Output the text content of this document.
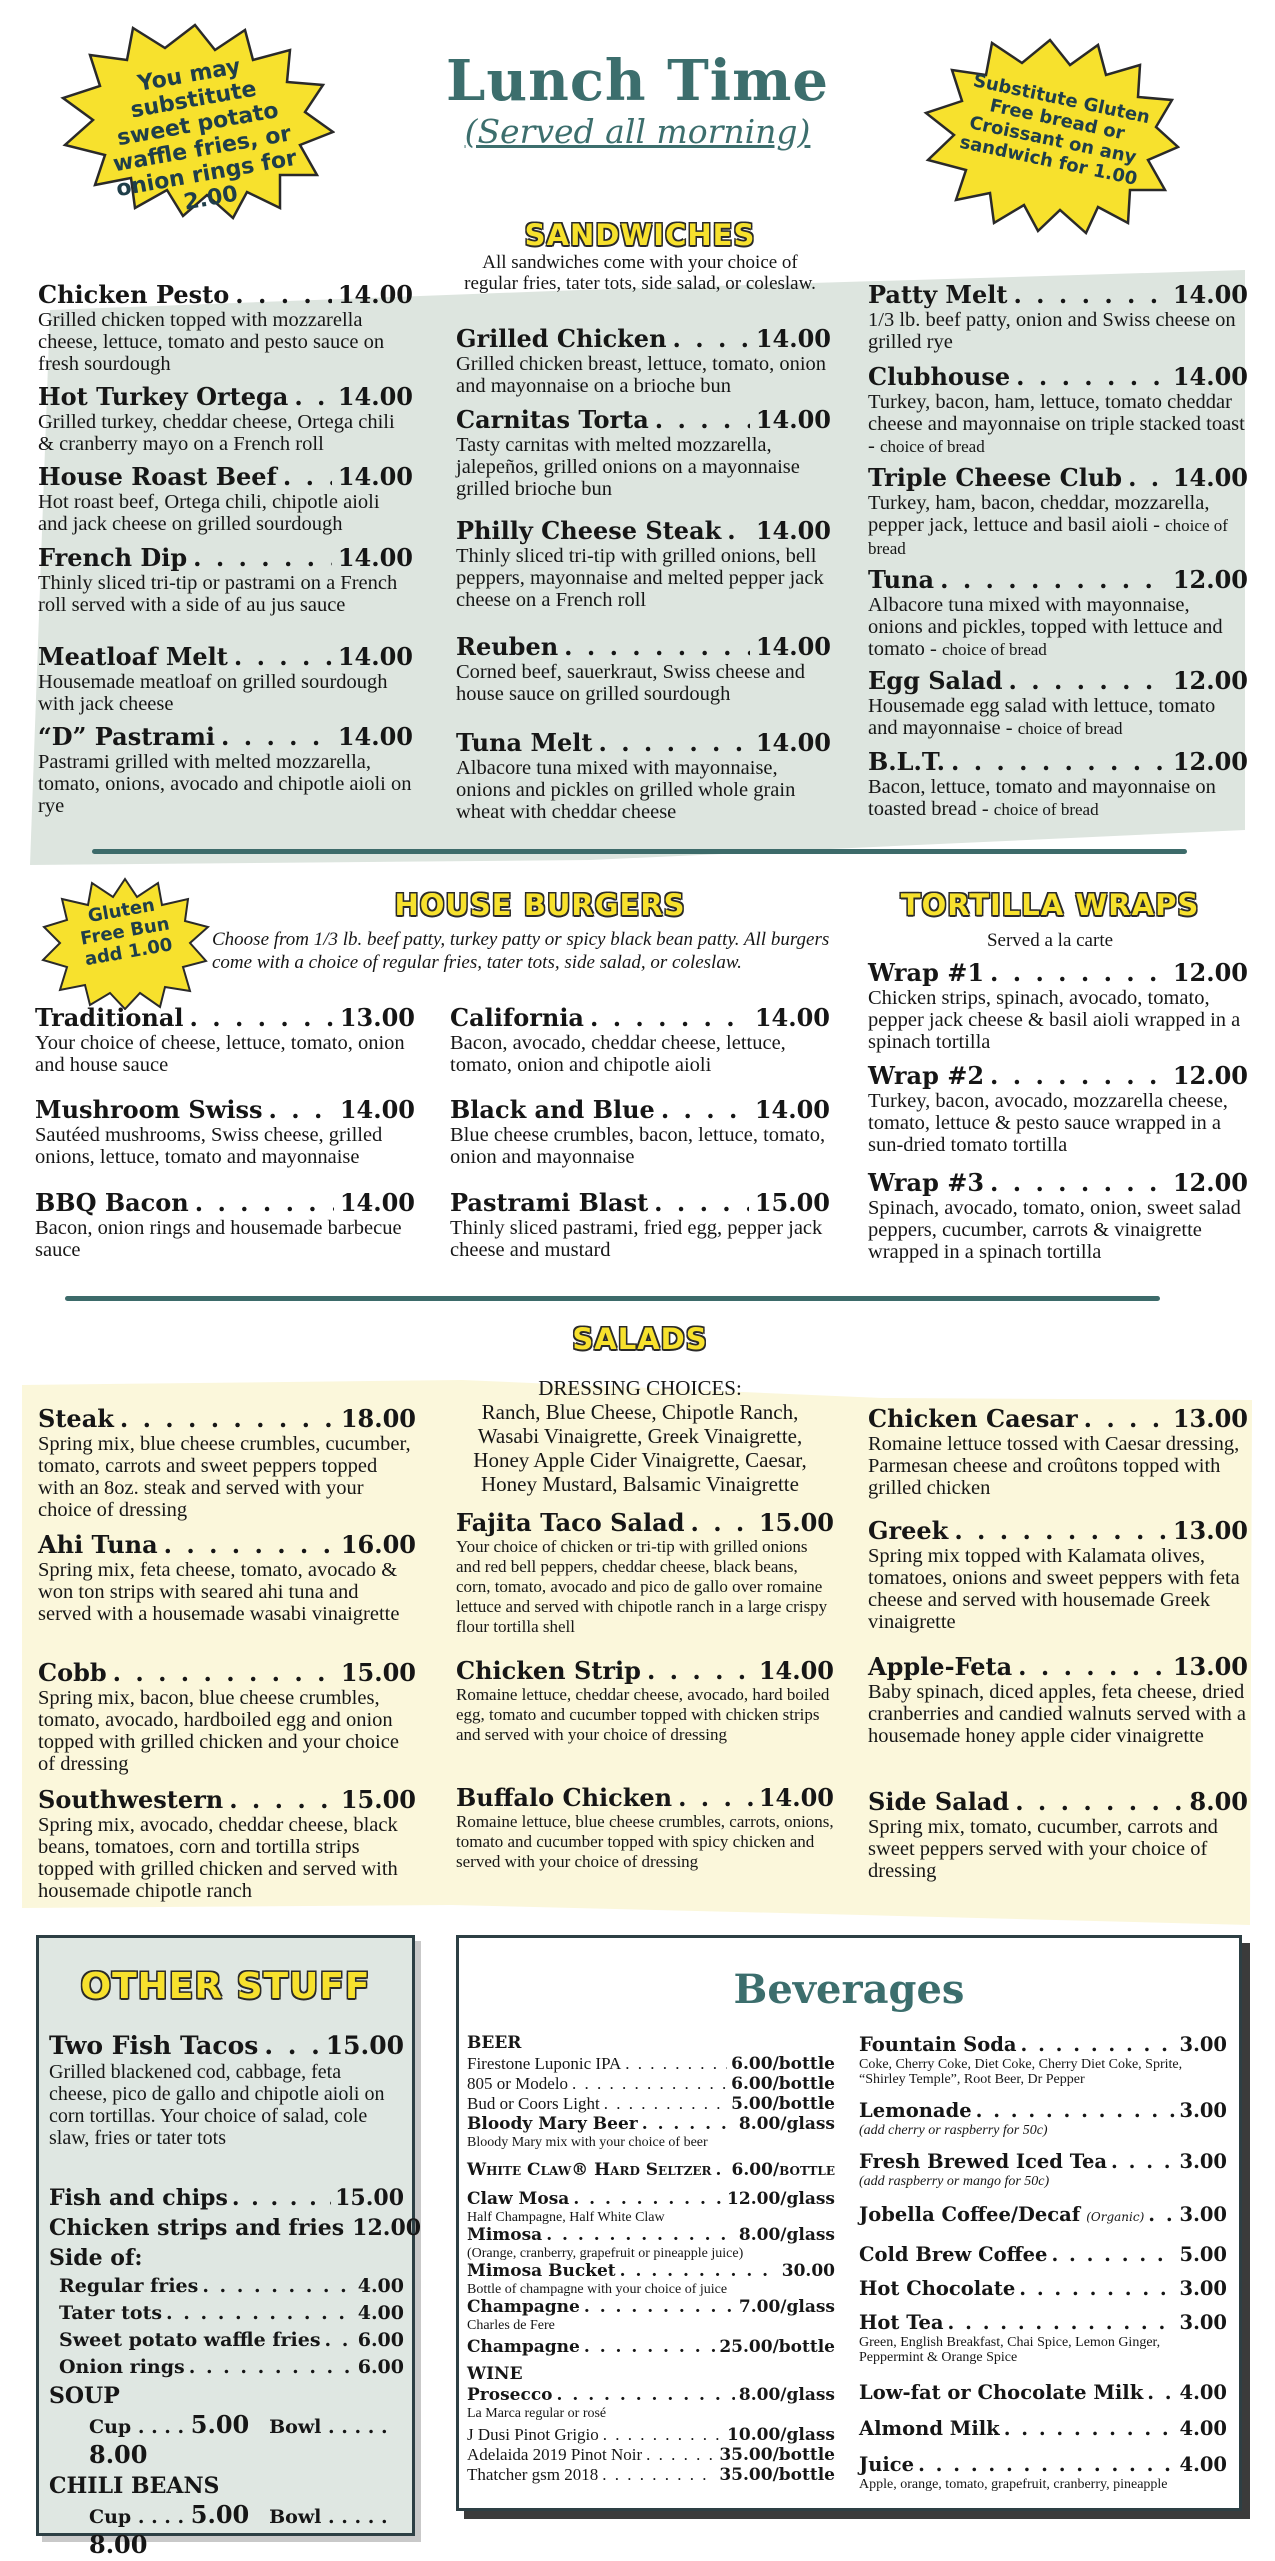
You may substitute sweet potato waffle fries, or onion rings for 2.00
Substitute Gluten Free bread or Croissant on any sandwich for 1.00
Lunch Time
(Served all morning)
SANDWICHES
All sandwiches come with your choice of regular fries, tater tots, side salad, or coleslaw.
Chicken Pesto . . .	14.00
Grilled chicken topped with mozzarella cheese, lettuce, tomato and pesto sauce on fresh sourdough
Hot Turkey Ortega . . . 14.00
Grilled turkey, cheddar cheese, Ortega chili & cranberry mayo on a French roll
House Roast Beef . . .	14.00
Hot roast beef, Ortega chili, chipotle aioli and jack cheese on grilled sourdough
French Dip . . .	14.00
Thinly sliced tri-tip or pastrami on a French roll served with a side of au jus sauce
Meatloaf Melt . . .	14.00
Housemade meatloaf on grilled sourdough with jack cheese
“D” Pastrami . . .	14.00
Pastrami grilled with melted mozzarella, tomato, onions, avocado and chipotle aioli on rye
Grilled Chicken . . .	14.00
Grilled chicken breast, lettuce, tomato, onion and mayonnaise on a brioche bun
Carnitas Torta . . .	14.00
Tasty carnitas with melted mozzarella, jalepeños, grilled onions on a mayonnaise grilled brioche bun
Philly Cheese Steak . . . 14.00
Thinly sliced tri-tip with grilled onions, bell peppers, mayonnaise and melted pepper jack cheese on a French roll
Reuben . . .	14.00
Corned beef, sauerkraut, Swiss cheese and house sauce on grilled sourdough
Tuna Melt . . .	14.00
Albacore tuna mixed with mayonnaise, onions and pickles on grilled whole grain wheat with cheddar cheese
Patty Melt . . .	14.00
1/3 lb. beef patty, onion and Swiss cheese on grilled rye
Clubhouse . . .	14.00
Turkey, bacon, ham, lettuce, tomato cheddar cheese and mayonnaise on triple stacked toast - choice of bread
Triple Cheese Club . . . 14.00
Turkey, ham, bacon, cheddar, mozzarella, pepper jack, lettuce and basil aioli - choice of bread
Tuna . . .	12.00
Albacore tuna mixed with mayonnaise, onions and pickles, topped with lettuce and tomato - choice of bread
Egg Salad . . .	12.00
Housemade egg salad with lettuce, tomato and mayonnaise - choice of bread
B.L.T. . . .	12.00
Bacon, lettuce, tomato and mayonnaise on toasted bread - choice of bread
Gluten Free Bun add 1.00
HOUSE BURGERS
Choose from 1/3 lb. beef patty, turkey patty or spicy black bean patty. All burgers come with a choice of regular fries, tater tots, side salad, or coleslaw.
Traditional . . .	13.00
Your choice of cheese, lettuce, tomato, onion and house sauce
Mushroom Swiss . . .	14.00
Sautéed mushrooms, Swiss cheese, grilled onions, lettuce, tomato and mayonnaise
BBQ Bacon . . .	14.00
Bacon, onion rings and housemade barbecue sauce
California . . .	14.00
Bacon, avocado, cheddar cheese, lettuce, tomato, onion and chipotle aioli
Black and Blue . . .	14.00
Blue cheese crumbles, bacon, lettuce, tomato, onion and mayonnaise
Pastrami Blast . . .	15.00
Thinly sliced pastrami, fried egg, pepper jack cheese and mustard
TORTILLA WRAPS
Served a la carte
Wrap #1 . . .	12.00
Chicken strips, spinach, avocado, tomato, pepper jack cheese & basil aioli wrapped in a spinach tortilla
Wrap #2 . . .	12.00
Turkey, bacon, avocado, mozzarella cheese, tomato, lettuce & pesto sauce wrapped in a sun-dried tomato tortilla
Wrap #3 . . .	12.00
Spinach, avocado, tomato, onion, sweet salad peppers, cucumber, carrots & vinaigrette wrapped in a spinach tortilla
SALADS
DRESSING CHOICES:
Ranch, Blue Cheese, Chipotle Ranch, Wasabi Vinaigrette, Greek Vinaigrette, Honey Apple Cider Vinaigrette, Caesar, Honey Mustard, Balsamic Vinaigrette
Steak . . .	18.00
Spring mix, blue cheese crumbles, cucumber, tomato, carrots and sweet peppers topped with an 8oz. steak and served with your choice of dressing
Ahi Tuna . . .	16.00
Spring mix, feta cheese, tomato, avocado & won ton strips with seared ahi tuna and served with a housemade wasabi vinaigrette
Cobb . . .	15.00
Spring mix, bacon, blue cheese crumbles, tomato, avocado, hardboiled egg and onion topped with grilled chicken and your choice of dressing
Southwestern . . .	15.00
Spring mix, avocado, cheddar cheese, black beans, tomatoes, corn and tortilla strips topped with grilled chicken and served with housemade chipotle ranch
Fajita Taco Salad . . .	15.00
Your choice of chicken or tri-tip with grilled onions and red bell peppers, cheddar cheese, black beans, corn, tomato, avocado and pico de gallo over romaine lettuce and served with chipotle ranch in a large crispy flour tortilla shell
Chicken Strip . . .	14.00
Romaine lettuce, cheddar cheese, avocado, hard boiled egg, tomato and cucumber topped with chicken strips and served with your choice of dressing
Buffalo Chicken . . .	14.00
Romaine lettuce, blue cheese crumbles, carrots, onions, tomato and cucumber topped with spicy chicken and served with your choice of dressing
Chicken Caesar . . .	13.00
Romaine lettuce tossed with Caesar dressing, Parmesan cheese and croûtons topped with grilled chicken
Greek . . .	13.00
Spring mix topped with Kalamata olives, tomatoes, onions and sweet peppers with feta cheese and served with housemade Greek vinaigrette
Apple-Feta . . .	13.00
Baby spinach, diced apples, feta cheese, dried cranberries and candied walnuts served with a housemade honey apple cider vinaigrette
Side Salad . . .	8.00
Spring mix, tomato, cucumber, carrots and sweet peppers served with your choice of dressing
OTHER STUFF
Two Fish Tacos . . .	15.00
Grilled blackened cod, cabbage, feta cheese, pico de gallo and chipotle aioli on corn tortillas. Your choice of salad, cole slaw, fries or tater tots
Fish and chips . . .	15.00
Chicken strips and fries 12.00
Side of:
Regular fries . . .	4.00
Tater tots . . .	4.00
Sweet potato waffle fries . . . 6.00
Onion rings . . .	6.00
SOUP
Cup . . . . 5.00 Bowl . . . . . 8.00
CHILI BEANS
Cup . . . . 5.00 Bowl . . . . . 8.00
Beverages
BEER
Firestone Luponic IPA . . .	6.00/bottle
805 or Modelo . . .	6.00/bottle
Bud or Coors Light . . .	5.00/bottle
Bloody Mary Beer . . .	8.00/glass
Bloody Mary mix with your choice of beer
White Claw® Hard Seltzer . . . 6.00/bottle
Claw Mosa . . .	12.00/glass
Half Champagne, Half White Claw
Mimosa . . .	8.00/glass
(Orange, cranberry, grapefruit or pineapple juice)
Mimosa Bucket . . .	30.00
Bottle of champagne with your choice of juice
Champagne . . .	7.00/glass
Charles de Fere
Champagne . . .	25.00/bottle
WINE
Prosecco . . .	8.00/glass
La Marca regular or rosé
J Dusi Pinot Grigio . . .	10.00/glass
Adelaida 2019 Pinot Noir . . .	35.00/bottle
Thatcher gsm 2018 . . .	35.00/bottle
Fountain Soda . . .	3.00
Coke, Cherry Coke, Diet Coke, Cherry Diet Coke, Sprite, “Shirley Temple”, Root Beer, Dr Pepper
Lemonade . . .	3.00
(add cherry or raspberry for 50c)
Fresh Brewed Iced Tea . . .	3.00
(add raspberry or mango for 50c)
Jobella Coffee/Decaf (Organic) . . . 3.00
Cold Brew Coffee . . .	5.00
Hot Chocolate . . .	3.00
Hot Tea . . .	3.00
Green, English Breakfast, Chai Spice, Lemon Ginger, Peppermint & Orange Spice
Low-fat or Chocolate Milk . . . 4.00
Almond Milk . . .	4.00
Juice . . .	4.00
Apple, orange, tomato, grapefruit, cranberry, pineapple
